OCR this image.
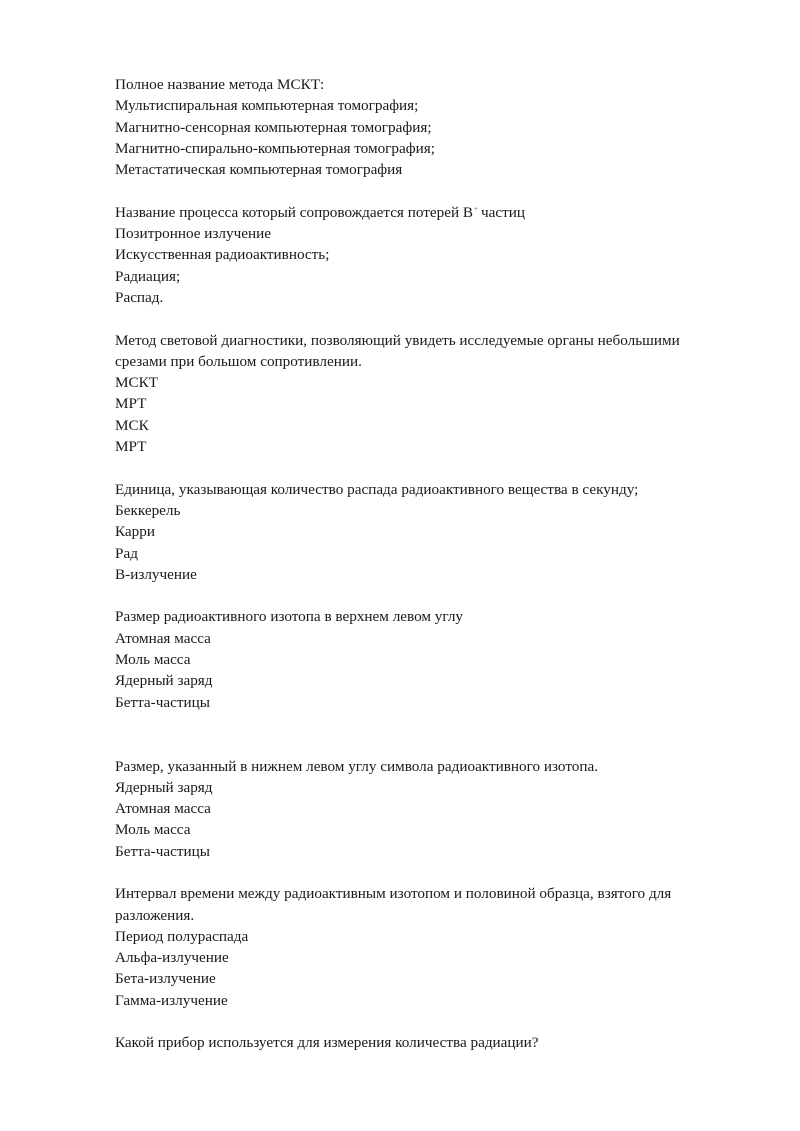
Полное название метода МСКТ:
Мультиспиральная компьютерная томография;
Магнитно-сенсорная компьютерная томография;
Магнитно-спирально-компьютерная томография;
Метастатическая компьютерная томография
Название процесса который сопровождается потерей В+ частиц
Позитронное излучение
Искусственная радиоактивность;
Радиация;
Распад.
Метод световой диагностики, позволяющий увидеть исследуемые органы небольшими срезами при большом сопротивлении.
МСКТ
МРТ
МСК
МРТ
Единица, указывающая количество распада радиоактивного вещества в секунду;
Беккерель
Карри
Рад
В-излучение
Размер радиоактивного изотопа в верхнем левом углу
Атомная масса
Моль масса
Ядерный заряд
Бетта-частицы
Размер, указанный в нижнем левом углу символа радиоактивного изотопа.
Ядерный заряд
Атомная масса
Моль масса
Бетта-частицы
Интервал времени между радиоактивным изотопом и половиной образца, взятого для разложения.
Период полураспада
Альфа-излучение
Бета-излучение
Гамма-излучение
Какой прибор используется для измерения количества радиации?
